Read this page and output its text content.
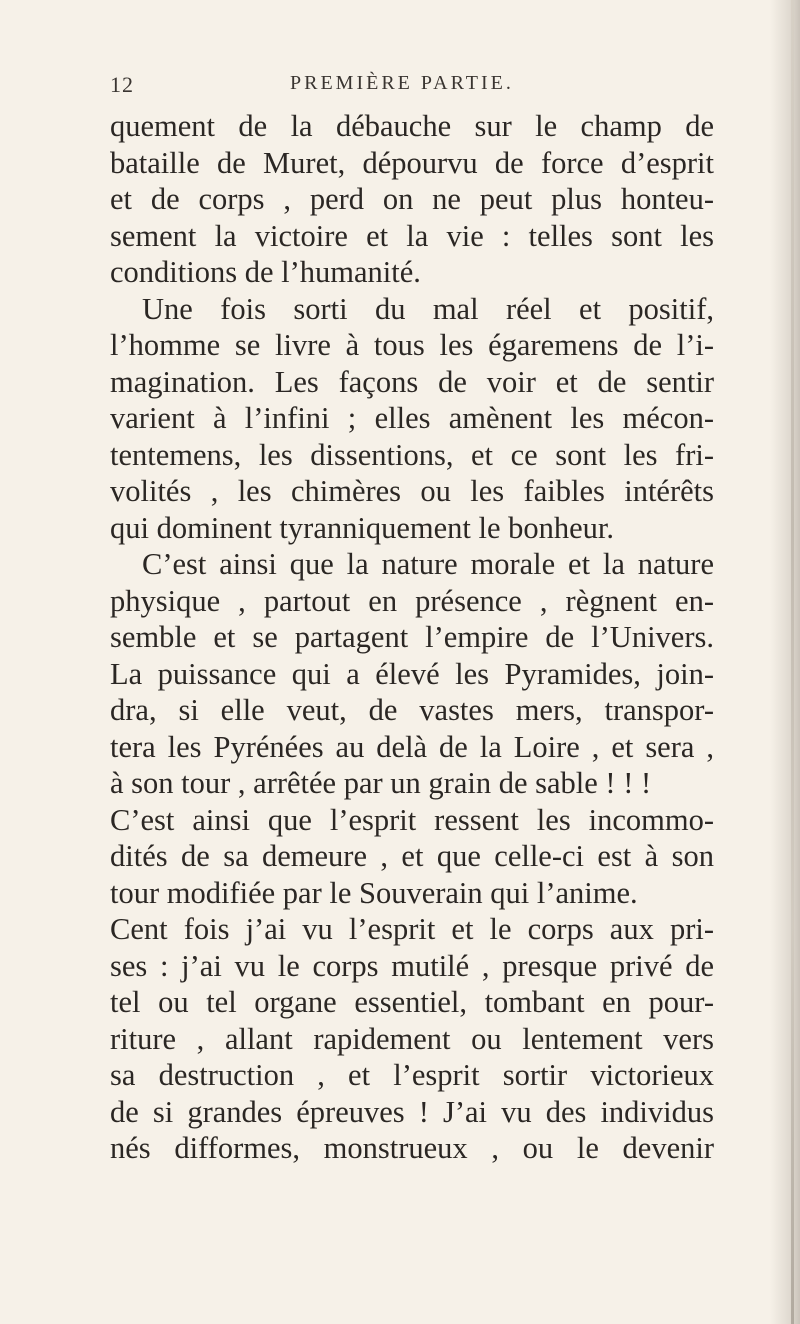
12	PREMIÈRE PARTIE.
quement de la débauche sur le champ de
bataille de Muret, dépourvu de force d’esprit
et de corps , perd on ne peut plus honteu-
sement la victoire et la vie : telles sont les
conditions de l’humanité.
Une fois sorti du mal réel et positif,
l’homme se livre à tous les égaremens de l’i-
magination. Les façons de voir et de sentir
varient à l’infini ; elles amènent les mécon-
tentemens, les dissentions, et ce sont les fri-
volités , les chimères ou les faibles intérêts
qui dominent tyranniquement le bonheur.
C’est ainsi que la nature morale et la nature
physique , partout en présence , règnent en-
semble et se partagent l’empire de l’Univers.
La puissance qui a élevé les Pyramides, join-
dra, si elle veut, de vastes mers, transpor-
tera les Pyrénées au delà de la Loire , et sera ,
à son tour , arrêtée par un grain de sable ! ! !
C’est ainsi que l’esprit ressent les incommo-
dités de sa demeure , et que celle-ci est à son
tour modifiée par le Souverain qui l’anime.
Cent fois j’ai vu l’esprit et le corps aux pri-
ses : j’ai vu le corps mutilé , presque privé de
tel ou tel organe essentiel, tombant en pour-
riture , allant rapidement ou lentement vers
sa destruction , et l’esprit sortir victorieux
de si grandes épreuves ! J’ai vu des individus
nés difformes, monstrueux , ou le devenir
